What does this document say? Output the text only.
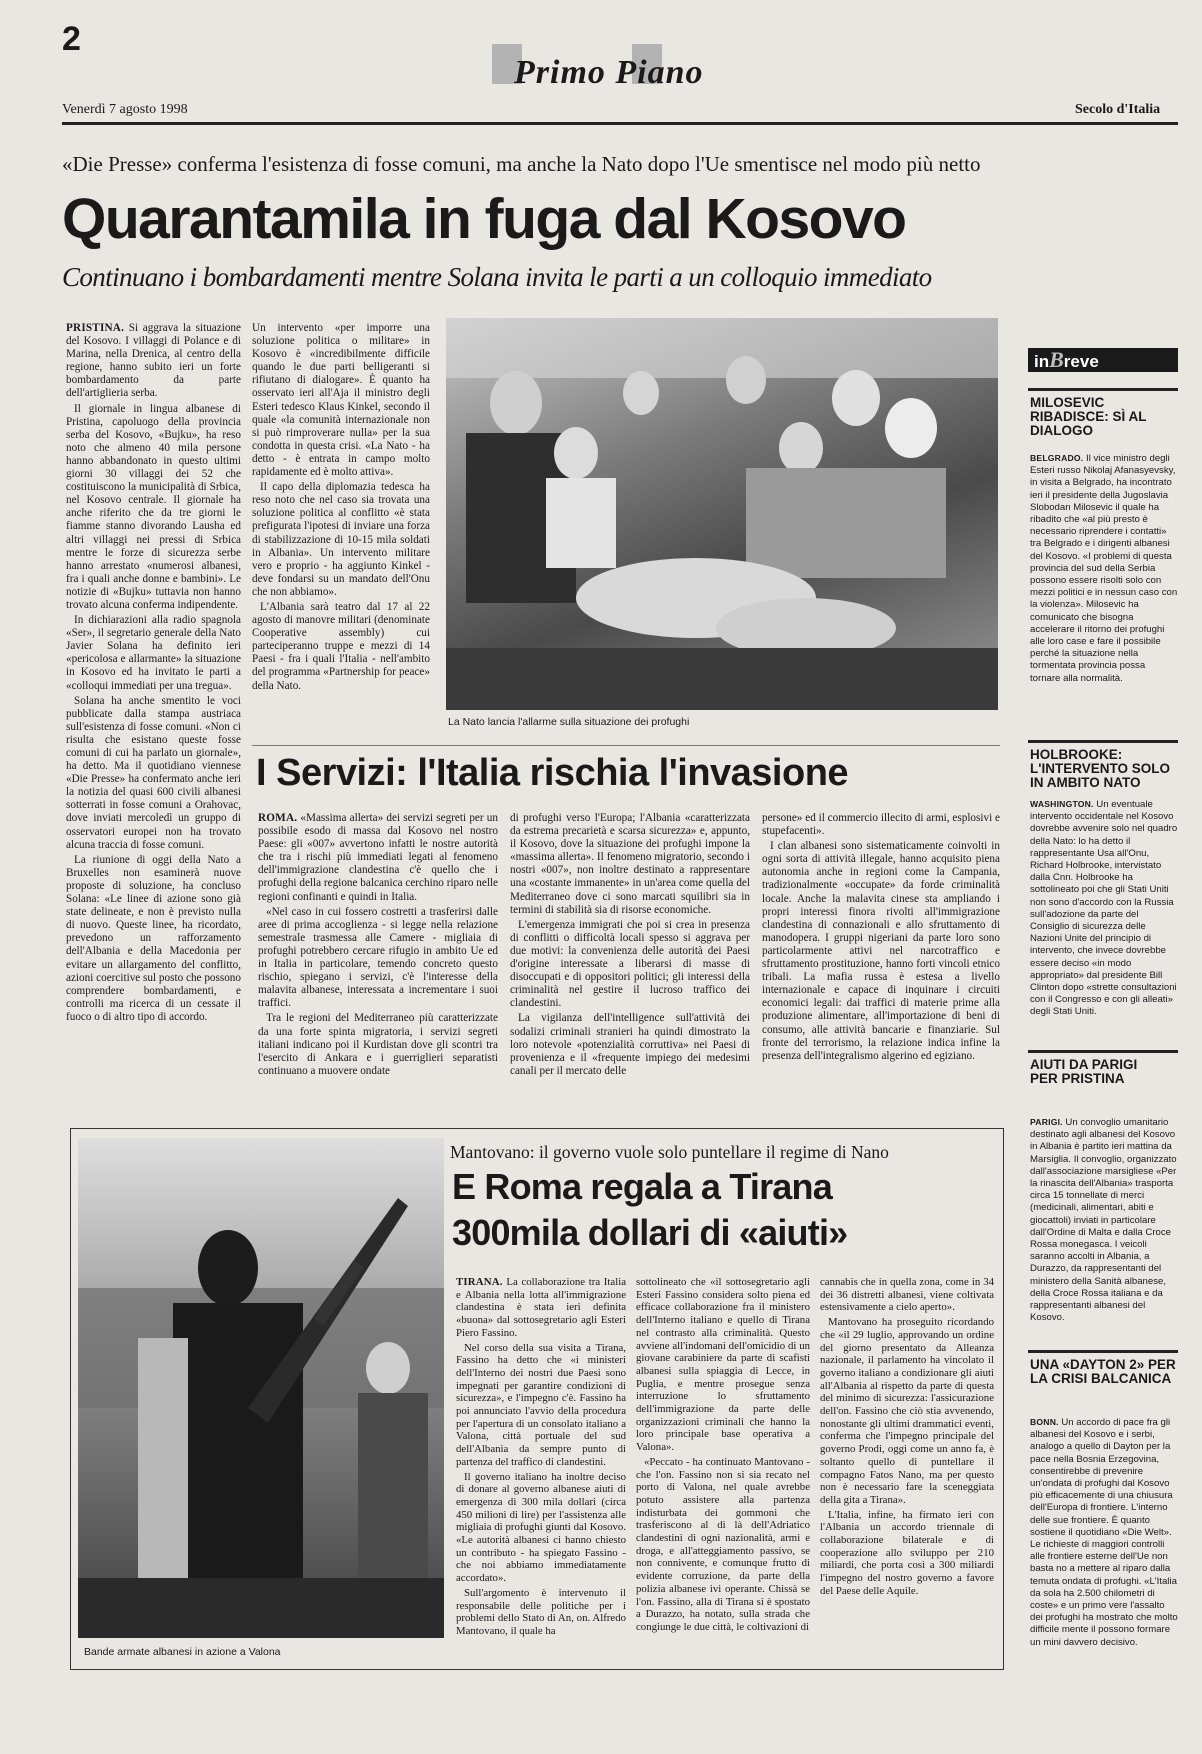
2
Primo Piano
Venerdì 7 agosto 1998	Secolo d'Italia
«Die Presse» conferma l'esistenza di fosse comuni, ma anche la Nato dopo l'Ue smentisce nel modo più netto
Quarantamila in fuga dal Kosovo
Continuano i bombardamenti mentre Solana invita le parti a un colloquio immediato

PRISTINA. Si aggrava la situazione del Kosovo. I villaggi di Polance e di Marina, nella Drenica, al centro della regione, hanno subito ieri un forte bombardamento da parte dell'artiglieria serba.

Il giornale in lingua albanese di Pristina, capoluogo della provincia serba del Kosovo, «Bujku», ha reso noto che almeno 40 mila persone hanno abbandonato in questo ultimi giorni 30 villaggi dei 52 che costituiscono la municipalità di Srbica, nel Kosovo centrale. Il giornale ha anche riferito che da tre giorni le fiamme stanno divorando Lausha ed altri villaggi nei pressi di Srbica mentre le forze di sicurezza serbe hanno arrestato «numerosi albanesi, fra i quali anche donne e bambini». Le notizie di «Bujku» tuttavia non hanno trovato alcuna conferma indipendente.

In dichiarazioni alla radio spagnola «Ser», il segretario generale della Nato Javier Solana ha definito ieri «pericolosa e allarmante» la situazione in Kosovo ed ha invitato le parti a «colloqui immediati per una tregua».

Solana ha anche smentito le voci pubblicate dalla stampa austriaca sull'esistenza di fosse comuni. «Non ci risulta che esistano queste fosse comuni di cui ha parlato un giornale», ha detto. Ma il quotidiano viennese «Die Presse» ha confermato anche ieri la notizia del quasi 600 civili albanesi sotterrati in fosse comuni a Orahovac, dove inviati mercoledì un gruppo di osservatori europei non ha trovato alcuna traccia di fosse comuni.

La riunione di oggi della Nato a Bruxelles non esaminerà nuove proposte di soluzione, ha concluso Solana: «Le linee di azione sono già state delineate, e non è previsto nulla di nuovo. Queste linee, ha ricordato, prevedono un rafforzamento dell'Albania e della Macedonia per evitare un allargamento del conflitto, azioni coercitive sul posto che possono comprendere bombardamenti, e controlli ma ricerca di un cessate il fuoco o di altro tipo di accordo.

Un intervento «per imporre una soluzione politica o militare» in Kosovo è «incredibilmente difficile quando le due parti belligeranti si rifiutano di dialogare». È quanto ha osservato ieri all'Aja il ministro degli Esteri tedesco Klaus Kinkel, secondo il quale «la comunità internazionale non si può rimproverare nulla» per la sua condotta in questa crisi. «La Nato - ha detto - è entrata in campo molto rapidamente ed è molto attiva».

Il capo della diplomazia tedesca ha reso noto che nel caso sia trovata una soluzione politica al conflitto «è stata prefigurata l'ipotesi di inviare una forza di stabilizzazione di 10-15 mila soldati in Albania». Un intervento militare vero e proprio - ha aggiunto Kinkel - deve fondarsi su un mandato dell'Onu che non abbiamo».

L'Albania sarà teatro dal 17 al 22 agosto di manovre militari (denominate Cooperative assembly) cui parteciperanno truppe e mezzi di 14 Paesi - fra i quali l'Italia - nell'ambito del programma «Partnership for peace» della Nato.

La Nato lancia l'allarme sulla situazione dei profughi
I Servizi: l'Italia rischia l'invasione

ROMA. «Massima allerta» dei servizi segreti per un possibile esodo di massa dal Kosovo nel nostro Paese: gli «007» avvertono infatti le nostre autorità che tra i rischi più immediati legati al fenomeno dell'immigrazione clandestina c'è quello che i profughi della regione balcanica cerchino riparo nelle regioni confinanti e quindi in Italia.

«Nel caso in cui fossero costretti a trasferirsi dalle aree di prima accoglienza - si legge nella relazione semestrale trasmessa alle Camere - migliaia di profughi potrebbero cercare rifugio in ambito Ue ed in Italia in particolare, temendo concreto questo rischio, spiegano i servizi, c'è l'interesse della malavita albanese, interessata a incrementare i suoi traffici.

Tra le regioni del Mediterraneo più caratterizzate da una forte spinta migratoria, i servizi segreti italiani indicano poi il Kurdistan dove gli scontri tra l'esercito di Ankara e i guerriglieri separatisti continuano a muovere ondate

di profughi verso l'Europa; l'Albania «caratterizzata da estrema precarietà e scarsa sicurezza» e, appunto, il Kosovo, dove la situazione dei profughi impone la «massima allerta». Il fenomeno migratorio, secondo i nostri «007», non inoltre destinato a rappresentare una «costante immanente» in un'area come quella del Mediterraneo dove ci sono marcati squilibri sia in termini di stabilità sia di risorse economiche.

L'emergenza immigrati che poi si crea in presenza di conflitti o difficoltà locali spesso si aggrava per due motivi: la convenienza delle autorità dei Paesi d'origine interessate a liberarsi di masse di disoccupati e di oppositori politici; gli interessi della criminalità nel gestire il lucroso traffico dei clandestini.

La vigilanza dell'intelligence sull'attività dei sodalizi criminali stranieri ha quindi dimostrato la loro notevole «potenzialità corruttiva» nei Paesi di provenienza e il «frequente impiego dei medesimi canali per il mercato delle

persone» ed il commercio illecito di armi, esplosivi e stupefacenti».

I clan albanesi sono sistematicamente coinvolti in ogni sorta di attività illegale, hanno acquisito piena autonomia anche in regioni come la Campania, tradizionalmente «occupate» da forde criminalità locale. Anche la malavita cinese sta ampliando i propri interessi finora rivolti all'immigrazione clandestina di connazionali e allo sfruttamento di manodopera. I gruppi nigeriani da parte loro sono particolarmente attivi nel narcotraffico e sfruttamento prostituzione, hanno forti vincoli etnico tribali. La mafia russa è estesa a livello internazionale e capace di inquinare i circuiti economici legali: dai traffici di materie prime alla produzione alimentare, all'importazione di beni di consumo, alle attività bancarie e finanziarie. Sul fronte del terrorismo, la relazione indica infine la presenza dell'integralismo algerino ed egiziano.

Bande armate albanesi in azione a Valona
Mantovano: il governo vuole solo puntellare il regime di Nano
E Roma regala a Tirana
300mila dollari di «aiuti»

TIRANA. La collaborazione tra Italia e Albania nella lotta all'immigrazione clandestina è stata ieri definita «buona» dal sottosegretario agli Esteri Piero Fassino.

Nel corso della sua visita a Tirana, Fassino ha detto che «i ministeri dell'Interno dei nostri due Paesi sono impegnati per garantire condizioni di sicurezza», e l'impegno c'è. Fassino ha poi annunciato l'avvio della procedura per l'apertura di un consolato italiano a Valona, città portuale del sud dell'Albania da sempre punto di partenza del traffico di clandestini.

Il governo italiano ha inoltre deciso di donare al governo albanese aiuti di emergenza di 300 mila dollari (circa 450 milioni di lire) per l'assistenza alle migliaia di profughi giunti dal Kosovo. «Le autorità albanesi ci hanno chiesto un contributo - ha spiegato Fassino - che noi abbiamo immediatamente accordato».

Sull'argomento è intervenuto il responsabile delle politiche per i problemi dello Stato di An, on. Alfredo Mantovano, il quale ha

sottolineato che «il sottosegretario agli Esteri Fassino considera solto piena ed efficace collaborazione fra il ministero dell'Interno italiano e quello di Tirana nel contrasto alla criminalità. Questo avviene all'indomani dell'omicidio di un giovane carabiniere da parte di scafisti albanesi sulla spiaggia di Lecce, in Puglia, e mentre prosegue senza interruzione lo sfruttamento dell'immigrazione da parte delle organizzazioni criminali che hanno la loro principale base operativa a Valona».

«Peccato - ha continuato Mantovano - che l'on. Fassino non si sia recato nel porto di Valona, nel quale avrebbe potuto assistere alla partenza indisturbata dei gommoni che trasferiscono al di là dell'Adriatico clandestini di ogni nazionalità, armi e droga, e all'atteggiamento passivo, se non connivente, e comunque frutto di evidente corruzione, da parte della polizia albanese ivi operante. Chissà se l'on. Fassino, alla di Tirana si è spostato a Durazzo, ha notato, sulla strada che congiunge le due città, le coltivazioni di

cannabis che in quella zona, come in 34 dei 36 distretti albanesi, viene coltivata estensivamente a cielo aperto».

Mantovano ha proseguito ricordando che «il 29 luglio, approvando un ordine del giorno presentato da Alleanza nazionale, il parlamento ha vincolato il governo italiano a condizionare gli aiuti all'Albania al rispetto da parte di questa del minimo di sicurezza: l'assicurazione dell'on. Fassino che ciò stia avvenendo, nonostante gli ultimi drammatici eventi, conferma che l'impegno principale del governo Prodi, oggi come un anno fa, è soltanto quello di puntellare il compagno Fatos Nano, ma per questo non è necessario fare la sceneggiata della gita a Tirana».

L'Italia, infine, ha firmato ieri con l'Albania un accordo triennale di collaborazione bilaterale e di cooperazione allo sviluppo per 210 miliardi, che porta così a 300 miliardi l'impegno del nostro governo a favore del Paese delle Aquile.

inBreve
MILOSEVIC RIBADISCE: SÌ AL DIALOGO
BELGRADO. Il vice ministro degli Esteri russo Nikolaj Afanasyevsky, in visita a Belgrado, ha incontrato ieri il presidente della Jugoslavia Slobodan Milosevic il quale ha ribadito che «al più presto è necessario riprendere i contatti» tra Belgrado e i dirigenti albanesi del Kosovo. «I problemi di questa provincia del sud della Serbia possono essere risolti solo con mezzi politici e in nessun caso con la violenza». Milosevic ha comunicato che bisogna accelerare il ritorno dei profughi alle loro case e fare il possibile perché la situazione nella tormentata provincia possa tornare alla normalità.
HOLBROOKE: L'INTERVENTO SOLO IN AMBITO NATO
WASHINGTON. Un eventuale intervento occidentale nel Kosovo dovrebbe avvenire solo nel quadro della Nato: lo ha detto il rappresentante Usa all'Onu, Richard Holbrooke, intervistato dalla Cnn. Holbrooke ha sottolineato poi che gli Stati Uniti non sono d'accordo con la Russia sull'adozione da parte del Consiglio di sicurezza delle Nazioni Unite del principio di intervento, che invece dovrebbe essere deciso «in modo appropriato» dal presidente Bill Clinton dopo «strette consultazioni con il Congresso e con gli alleati» degli Stati Uniti.
AIUTI DA PARIGI PER PRISTINA
PARIGI. Un convoglio umanitario destinato agli albanesi del Kosovo in Albania è partito ieri mattina da Marsiglia. Il convoglio, organizzato dall'associazione marsigliese «Per la rinascita dell'Albania» trasporta circa 15 tonnellate di merci (medicinali, alimentari, abiti e giocattoli) inviati in particolare dall'Ordine di Malta e dalla Croce Rossa monegasca. I veicoli saranno accolti in Albania, a Durazzo, da rappresentanti del ministero della Sanità albanese, della Croce Rossa italiana e da rappresentanti albanesi del Kosovo.
UNA «DAYTON 2» PER LA CRISI BALCANICA
BONN. Un accordo di pace fra gli albanesi del Kosovo e i serbi, analogo a quello di Dayton per la pace nella Bosnia Erzegovina, consentirebbe di prevenire un'ondata di profughi dal Kosovo più efficacemente di una chiusura dell'Europa di frontiere. L'interno delle sue frontiere. È quanto sostiene il quotidiano «Die Welt». Le richieste di maggiori controlli alle frontiere esterne dell'Ue non basta no a mettere al riparo dalla temuta ondata di profughi. «L'Italia da sola ha 2.500 chilometri di coste» e un primo vere l'assalto dei profughi ha mostrato che molto difficile mente il possono formare un mini davvero decisivo.
